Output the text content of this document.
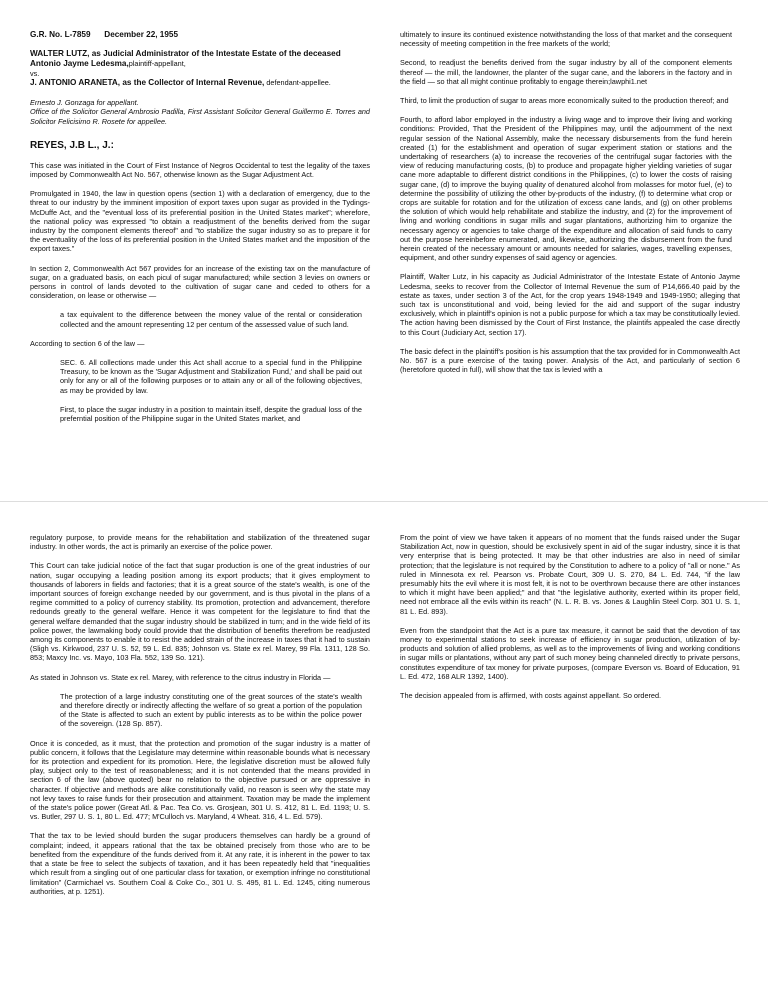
G.R. No. L-7859 December 22, 1955
WALTER LUTZ, as Judicial Administrator of the Intestate Estate of the deceased Antonio Jayme Ledesma,plaintiff-appellant,
vs.
J. ANTONIO ARANETA, as the Collector of Internal Revenue, defendant-appellee.

Ernesto J. Gonzaga for appellant.

Office of the Solicitor General Ambrosio Padilla, First Assistant Solicitor General Guillermo E. Torres and Solicitor Felicisimo R. Rosete for appellee.

REYES, J.B L., J.:

This case was initiated in the Court of First Instance of Negros Occidental to test the legality of the taxes imposed by Commonwealth Act No. 567, otherwise known as the Sugar Adjustment Act.

Promulgated in 1940, the law in question opens (section 1) with a declaration of emergency, due to the threat to our industry by the imminent imposition of export taxes upon sugar as provided in the Tydings-McDuffe Act, and the "eventual loss of its preferential position in the United States market"; wherefore, the national policy was expressed "to obtain a readjustment of the benefits derived from the sugar industry by the component elements thereof" and "to stabilize the sugar industry so as to prepare it for the eventuality of the loss of its preferential position in the United States market and the imposition of the export taxes."

In section 2, Commonwealth Act 567 provides for an increase of the existing tax on the manufacture of sugar, on a graduated basis, on each picul of sugar manufactured; while section 3 levies on owners or persons in control of lands devoted to the cultivation of sugar cane and ceded to others for a consideration, on lease or otherwise —

a tax equivalent to the difference between the money value of the rental or consideration collected and the amount representing 12 per centum of the assessed value of such land.

According to section 6 of the law —

SEC. 6. All collections made under this Act shall accrue to a special fund in the Philippine Treasury, to be known as the 'Sugar Adjustment and Stabilization Fund,' and shall be paid out only for any or all of the following purposes or to attain any or all of the following objectives, as may be provided by law.

First, to place the sugar industry in a position to maintain itself, despite the gradual loss of the preferntial position of the Philippine sugar in the United States market, and

ultimately to insure its continued existence notwithstanding the loss of that market and the consequent necessity of meeting competition in the free markets of the world;

Second, to readjust the benefits derived from the sugar industry by all of the component elements thereof — the mill, the landowner, the planter of the sugar cane, and the laborers in the factory and in the field — so that all might continue profitably to engage therein;lawphi1.net

Third, to limit the production of sugar to areas more economically suited to the production thereof; and

Fourth, to afford labor employed in the industry a living wage and to improve their living and working conditions: Provided, That the President of the Philippines may, until the adjournment of the next regular session of the National Assembly, make the necessary disbursements from the fund herein created (1) for the establishment and operation of sugar experiment station or stations and the undertaking of researchers (a) to increase the recoveries of the centrifugal sugar factories with the view of reducing manufacturing costs, (b) to produce and propagate higher yielding varieties of sugar cane more adaptable to different district conditions in the Philippines, (c) to lower the costs of raising sugar cane, (d) to improve the buying quality of denatured alcohol from molasses for motor fuel, (e) to determine the possibility of utilizing the other by-products of the industry, (f) to determine what crop or crops are suitable for rotation and for the utilization of excess cane lands, and (g) on other problems the solution of which would help rehabilitate and stabilize the industry, and (2) for the improvement of living and working conditions in sugar mills and sugar plantations, authorizing him to organize the necessary agency or agencies to take charge of the expenditure and allocation of said funds to carry out the purpose hereinbefore enumerated, and, likewise, authorizing the disbursement from the fund herein created of the necessary amount or amounts needed for salaries, wages, travelling expenses, equipment, and other sundry expenses of said agency or agencies.

Plaintiff, Walter Lutz, in his capacity as Judicial Administrator of the Intestate Estate of Antonio Jayme Ledesma, seeks to recover from the Collector of Internal Revenue the sum of P14,666.40 paid by the estate as taxes, under section 3 of the Act, for the crop years 1948-1949 and 1949-1950; alleging that such tax is unconstitutional and void, being levied for the aid and support of the sugar industry exclusively, which in plaintiff's opinion is not a public purpose for which a tax may be constitutioally levied. The action having been dismissed by the Court of First Instance, the plaintifs appealed the case directly to this Court (Judiciary Act, section 17).

The basic defect in the plaintiff's position is his assumption that the tax provided for in Commonwealth Act No. 567 is a pure exercise of the taxing power. Analysis of the Act, and particularly of section 6 (heretofore quoted in full), will show that the tax is levied with a

regulatory purpose, to provide means for the rehabilitation and stabilization of the threatened sugar industry. In other words, the act is primarily an exercise of the police power.

This Court can take judicial notice of the fact that sugar production is one of the great industries of our nation, sugar occupying a leading position among its export products; that it gives employment to thousands of laborers in fields and factories; that it is a great source of the state's wealth, is one of the important sources of foreign exchange needed by our government, and is thus pivotal in the plans of a regime committed to a policy of currency stability. Its promotion, protection and advancement, therefore redounds greatly to the general welfare. Hence it was competent for the legislature to find that the general welfare demanded that the sugar industry should be stabilized in turn; and in the wide field of its police power, the lawmaking body could provide that the distribution of benefits therefrom be readjusted among its components to enable it to resist the added strain of the increase in taxes that it had to sustain (Sligh vs. Kirkwood, 237 U. S. 52, 59 L. Ed. 835; Johnson vs. State ex rel. Marey, 99 Fla. 1311, 128 So. 853; Maxcy Inc. vs. Mayo, 103 Fla. 552, 139 So. 121).

As stated in Johnson vs. State ex rel. Marey, with reference to the citrus industry in Florida —

The protection of a large industry constituting one of the great sources of the state's wealth and therefore directly or indirectly affecting the welfare of so great a portion of the population of the State is affected to such an extent by public interests as to be within the police power of the sovereign. (128 Sp. 857).

Once it is conceded, as it must, that the protection and promotion of the sugar industry is a matter of public concern, it follows that the Legislature may determine within reasonable bounds what is necessary for its protection and expedient for its promotion. Here, the legislative discretion must be allowed fully play, subject only to the test of reasonableness; and it is not contended that the means provided in section 6 of the law (above quoted) bear no relation to the objective pursued or are oppressive in character. If objective and methods are alike constitutionally valid, no reason is seen why the state may not levy taxes to raise funds for their prosecution and attainment. Taxation may be made the implement of the state's police power (Great Atl. & Pac. Tea Co. vs. Grosjean, 301 U. S. 412, 81 L. Ed. 1193; U. S. vs. Butler, 297 U. S. 1, 80 L. Ed. 477; M'Culloch vs. Maryland, 4 Wheat. 316, 4 L. Ed. 579).

That the tax to be levied should burden the sugar producers themselves can hardly be a ground of complaint; indeed, it appears rational that the tax be obtained precisely from those who are to be benefited from the expenditure of the funds derived from it. At any rate, it is inherent in the power to tax that a state be free to select the subjects of taxation, and it has been repeatedly held that "inequalities which result from a singling out of one particular class for taxation, or exemption infringe no constitutional limitation" (Carmichael vs. Southern Coal & Coke Co., 301 U. S. 495, 81 L. Ed. 1245, citing numerous authorities, at p. 1251).

From the point of view we have taken it appears of no moment that the funds raised under the Sugar Stabilization Act, now in question, should be exclusively spent in aid of the sugar industry, since it is that very enterprise that is being protected. It may be that other industries are also in need of similar protection; that the legislature is not required by the Constitution to adhere to a policy of "all or none." As ruled in Minnesota ex rel. Pearson vs. Probate Court, 309 U. S. 270, 84 L. Ed. 744, "if the law presumably hits the evil where it is most felt, it is not to be overthrown because there are other instances to which it might have been applied;" and that "the legislative authority, exerted within its proper field, need not embrace all the evils within its reach" (N. L. R. B. vs. Jones & Laughlin Steel Corp. 301 U. S. 1, 81 L. Ed. 893).

Even from the standpoint that the Act is a pure tax measure, it cannot be said that the devotion of tax money to experimental stations to seek increase of efficiency in sugar production, utilization of by-products and solution of allied problems, as well as to the improvements of living and working conditions in sugar mills or plantations, without any part of such money being channeled directly to private persons, constitutes expenditure of tax money for private purposes, (compare Everson vs. Board of Education, 91 L. Ed. 472, 168 ALR 1392, 1400).

The decision appealed from is affirmed, with costs against appellant. So ordered.
